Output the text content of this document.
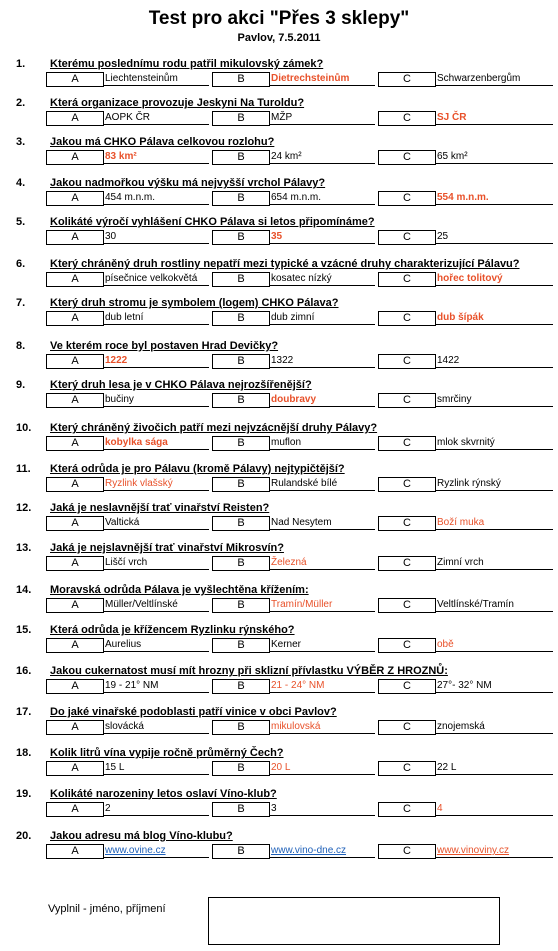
Test pro akci "Přes 3 sklepy"
Pavlov, 7.5.2011
1. Kterému poslednímu rodu patřil mikulovský zámek?
A	Liechtensteinům	B	Dietrechsteinům	C	Schwarzenbergům
2. Která organizace provozuje Jeskyni Na Turoldu?
A	AOPK ČR	B	MŽP	C	SJ ČR
3. Jakou má CHKO Pálava celkovou rozlohu?
A	83 km²	B	24 km²	C	65 km²
4. Jakou nadmořkou výšku má nejvyšší vrchol Pálavy?
A	454 m.n.m.	B	654 m.n.m.	C	554 m.n.m.
5. Kolikáté výročí vyhlášení CHKO Pálava si letos připomínáme?
A	30	B	35	C	25
6. Který chráněný druh rostliny nepatří mezi typické a vzácné druhy charakterizující Pálavu?
A	písečnice velkokvětá	B	kosatec nízký	C	hořec tolitový
7. Který druh stromu je symbolem (logem) CHKO Pálava?
A	dub letní	B	dub zimní	C	dub šípák
8. Ve kterém roce byl postaven Hrad Devičky?
A	1222	B	1322	C	1422
9. Který druh lesa je v CHKO Pálava nejrozšířenější?
A	bučiny	B	doubravy	C	smrčiny
10. Který chráněný živočich patří mezi nejvzácnější druhy Pálavy?
A	kobylka sága	B	muflon	C	mlok skvrnitý
11. Která odrůda je pro Pálavu (kromě Pálavy) nejtypičtější?
A	Ryzlink vlašský	B	Rulandské bílé	C	Ryzlink rýnský
12. Jaká je neslavnější trať vinařství Reisten?
A	Valtická	B	Nad Nesytem	C	Boží muka
13. Jaká je nejslavnější trať vinařství Mikrosvín?
A	Liščí vrch	B	Železná	C	Zimní vrch
14. Moravská odrůda Pálava je vyšlechtěna křížením:
A	Müller/Veltlínské	B	Tramín/Müller	C	Veltlínské/Tramín
15. Která odrůda je křížencem Ryzlinku rýnského?
A	Aurelius	B	Kerner	C	obě
16. Jakou cukernatost musí mít hrozny při sklizní přívlastku VÝBĚR Z HROZNŮ:
A	19 - 21° NM	B	21 - 24° NM	C	27°- 32° NM
17. Do jaké vinařské podoblasti patří vinice v obci Pavlov?
A	slovácká	B	mikulovská	C	znojemská
18. Kolik litrů vína vypije ročně průměrný Čech?
A	15 L	B	20 L	C	22 L
19. Kolikáté narozeniny letos oslaví Víno-klub?
A	2	B	3	C	4
20. Jakou adresu má blog Víno-klubu?
A	www.ovine.cz	B	www.vino-dne.cz	C	www.vinoviny.cz
Vyplnil - jméno, příjmení
